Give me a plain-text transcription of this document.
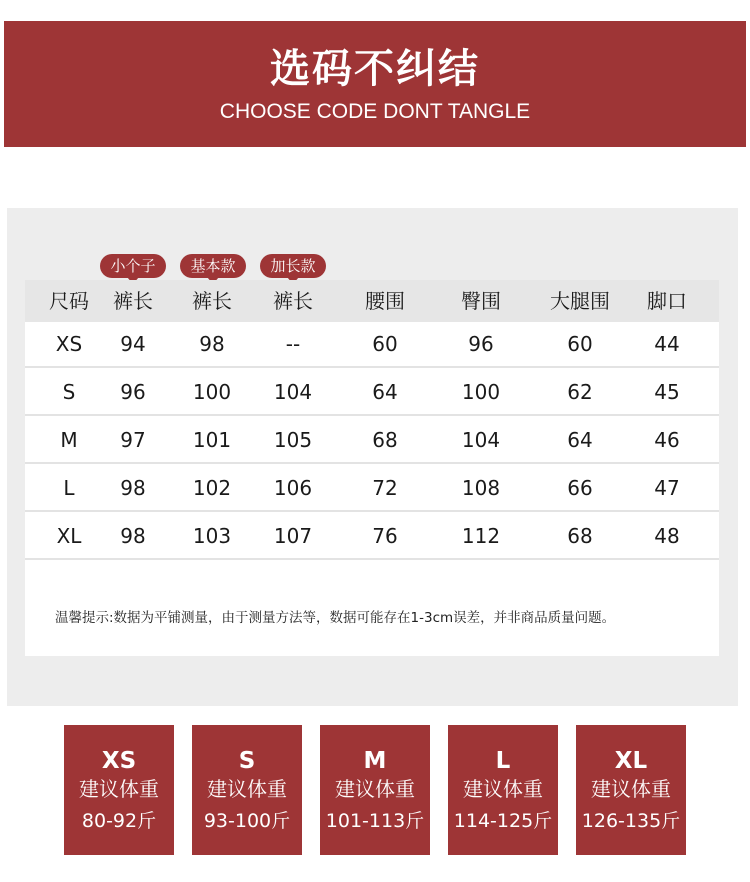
选码不纠结
CHOOSE CODE DONT TANGLE
小个子	基本款	加长款
尺码	裤长	裤长	裤长	腰围	臀围	大腿围	脚口
XS	94	98	--	60	96	60	44
S	96	100	104	64	100	62	45
M	97	101	105	68	104	64	46
L	98	102	106	72	108	66	47
XL	98	103	107	76	112	68	48
温馨提示:数据为平铺测量，由于测量方法等，数据可能存在1-3cm误差，并非商品质量问题。
XS
建议体重
80-92斤
S
建议体重
93-100斤
M
建议体重
101-113斤
L
建议体重
114-125斤
XL
建议体重
126-135斤
